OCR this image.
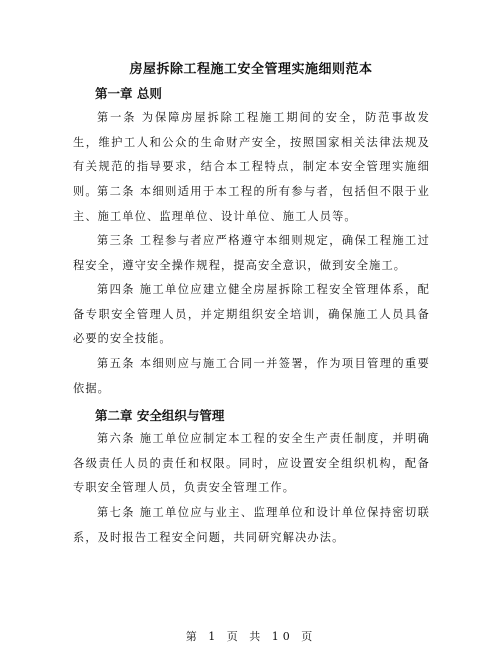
房屋拆除工程施工安全管理实施细则范本
第一章 总则
第一条 为保障房屋拆除工程施工期间的安全，防范事故发生，维护工人和公众的生命财产安全，按照国家相关法律法规及有关规范的指导要求，结合本工程特点，制定本安全管理实施细则。 第二条 本细则适用于本工程的所有参与者，包括但不限于业主、施工单位、监理单位、设计单位、施工人员等。
第三条 工程参与者应严格遵守本细则规定，确保工程施工过程安全，遵守安全操作规程，提高安全意识，做到安全施工。
第四条 施工单位应建立健全房屋拆除工程安全管理体系，配备专职安全管理人员，并定期组织安全培训，确保施工人员具备必要的安全技能。
第五条 本细则应与施工合同一并签署，作为项目管理的重要依据。
第二章 安全组织与管理
第六条 施工单位应制定本工程的安全生产责任制度，并明确各级责任人员的责任和权限。同时，应设置安全组织机构，配备专职安全管理人员，负责安全管理工作。
第七条 施工单位应与业主、监理单位和设计单位保持密切联系，及时报告工程安全问题，共同研究解决办法。
第 1 页 共 10 页
